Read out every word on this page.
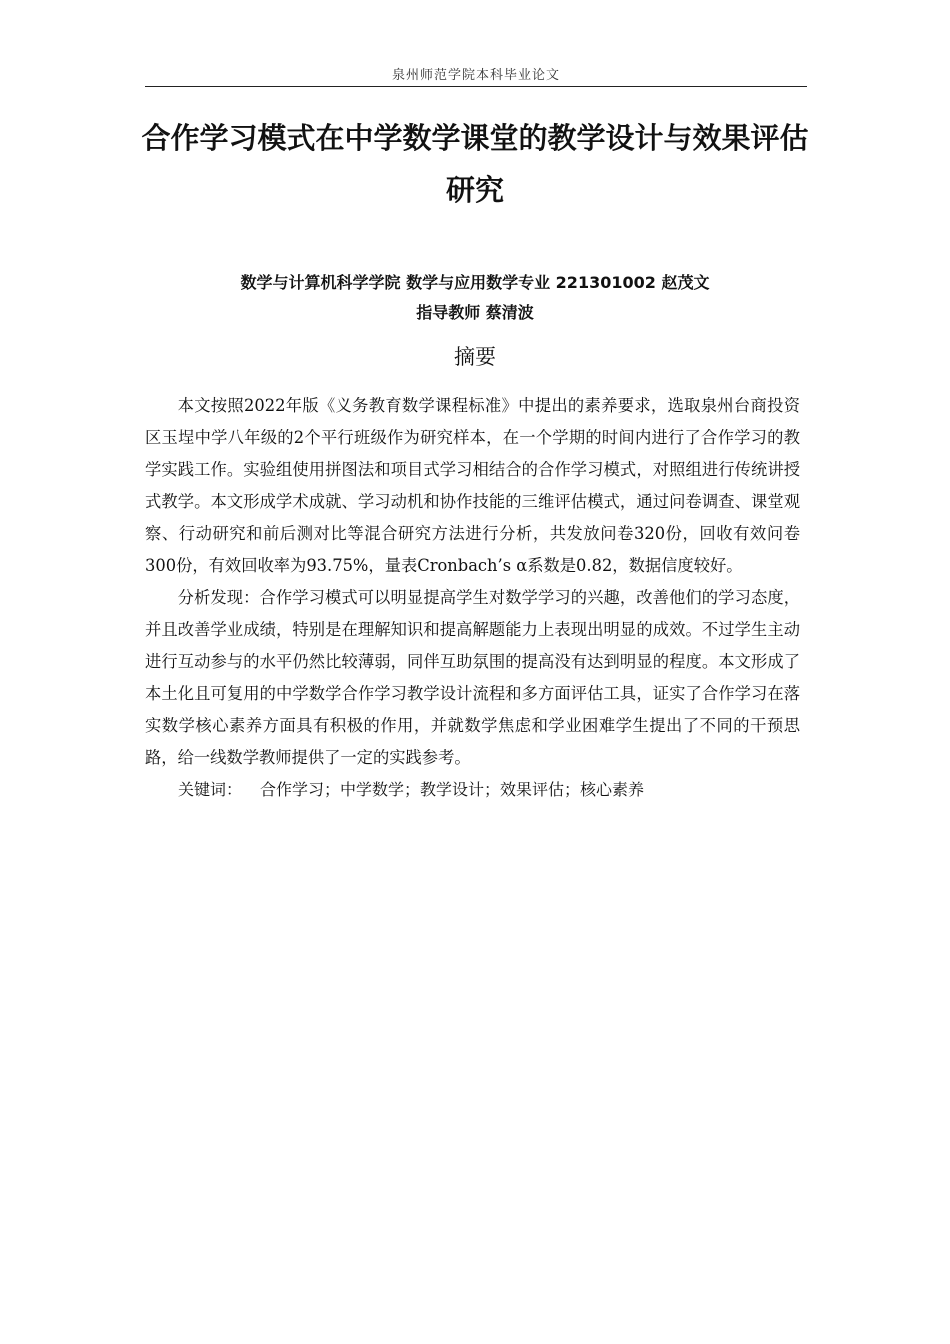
泉州师范学院本科毕业论文
合作学习模式在中学数学课堂的教学设计与效果评估
研究
数学与计算机科学学院 数学与应用数学专业 221301002 赵茂文
指导教师 蔡清波
摘要

本文按照2022年版《义务教育数学课程标准》中提出的素养要求，选取泉州台商投资区玉埕中学八年级的2个平行班级作为研究样本，在一个学期的时间内进行了合作学习的教学实践工作。实验组使用拼图法和项目式学习相结合的合作学习模式，对照组进行传统讲授式教学。本文形成学术成就、学习动机和协作技能的三维评估模式，通过问卷调查、课堂观察、行动研究和前后测对比等混合研究方法进行分析，共发放问卷320份，回收有效问卷300份，有效回收率为93.75%，量表Cronbach’s α系数是0.82，数据信度较好。

分析发现：合作学习模式可以明显提高学生对数学学习的兴趣，改善他们的学习态度，并且改善学业成绩，特别是在理解知识和提高解题能力上表现出明显的成效。不过学生主动进行互动参与的水平仍然比较薄弱，同伴互助氛围的提高没有达到明显的程度。本文形成了本土化且可复用的中学数学合作学习教学设计流程和多方面评估工具，证实了合作学习在落实数学核心素养方面具有积极的作用，并就数学焦虑和学业困难学生提出了不同的干预思路，给一线数学教师提供了一定的实践参考。

关键词： 合作学习；中学数学；教学设计；效果评估；核心素养
